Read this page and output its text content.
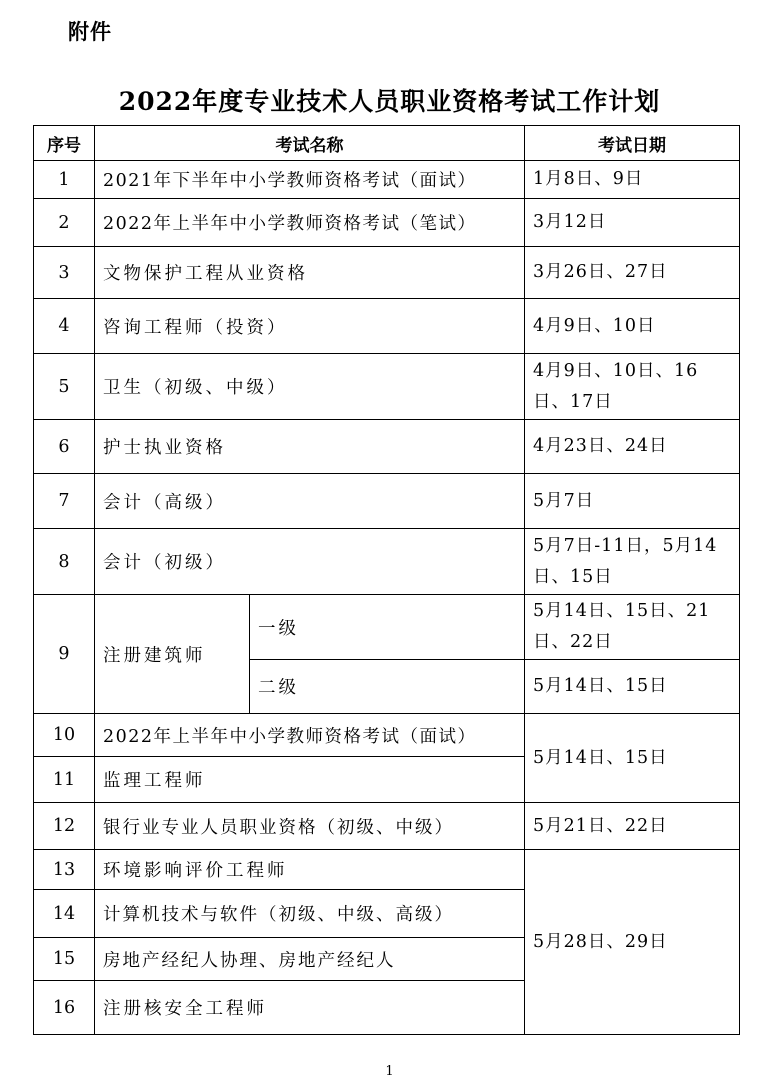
附件
2022年度专业技术人员职业资格考试工作计划
序号	考试名称		考试日期
1	2021年下半年中小学教师资格考试（面试）		1月8日、9日
2	2022年上半年中小学教师资格考试（笔试）		3月12日
3	文物保护工程从业资格		3月26日、27日
4	咨询工程师（投资）		4月9日、10日
5	卫生（初级、中级）		4月9日、10日、16日、17日
6	护士执业资格		4月23日、24日
7	会计（高级）		5月7日
8	会计（初级）		5月7日-11日，5月14日、15日
9	注册建筑师	一级	5月14日、15日、21日、22日
		二级	5月14日、15日
10	2022年上半年中小学教师资格考试（面试）		5月14日、15日
11	监理工程师		
12	银行业专业人员职业资格（初级、中级）		5月21日、22日
13	环境影响评价工程师		5月28日、29日
14	计算机技术与软件（初级、中级、高级）		
15	房地产经纪人协理、房地产经纪人		
16	注册核安全工程师		
1
